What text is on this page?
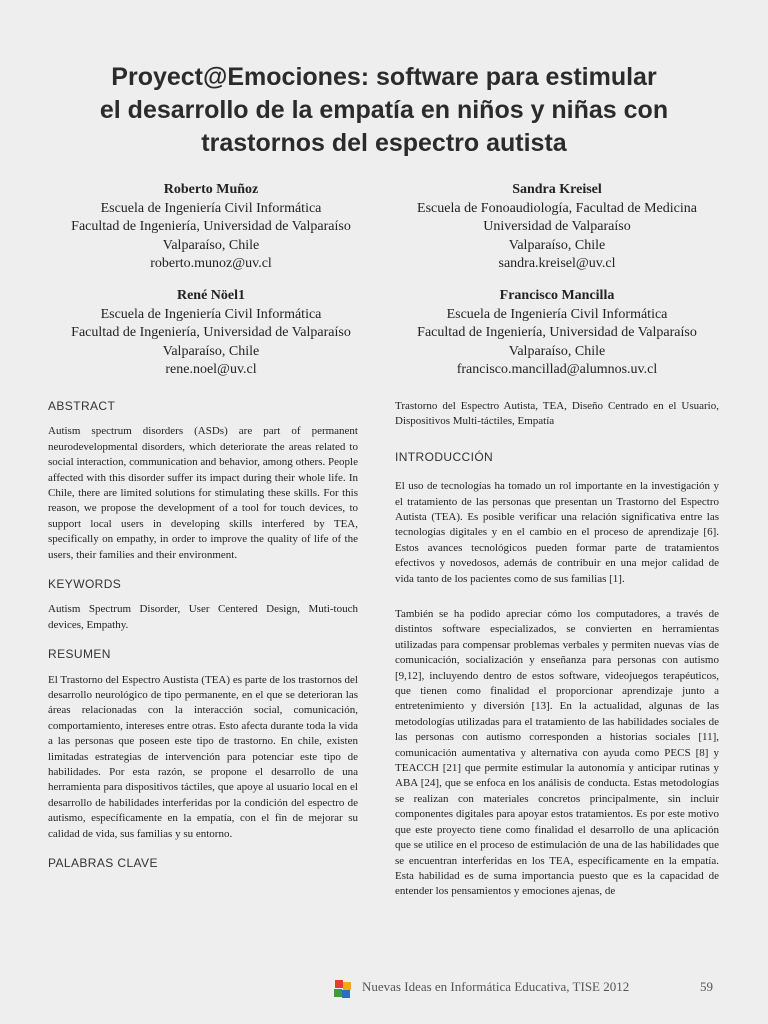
Proyect@Emociones: software para estimular
el desarrollo de la empatía en niños y niñas con
trastornos del espectro autista
Roberto Muñoz
Escuela de Ingeniería Civil Informática
Facultad de Ingeniería, Universidad de Valparaíso
Valparaíso, Chile
roberto.munoz@uv.cl
Sandra Kreisel
Escuela de Fonoaudiología, Facultad de Medicina
Universidad de Valparaíso
Valparaíso, Chile
sandra.kreisel@uv.cl
René Nöel1
Escuela de Ingeniería Civil Informática
Facultad de Ingeniería, Universidad de Valparaíso
Valparaíso, Chile
rene.noel@uv.cl
Francisco Mancilla
Escuela de Ingeniería Civil Informática
Facultad de Ingeniería, Universidad de Valparaíso
Valparaíso, Chile
francisco.mancillad@alumnos.uv.cl
ABSTRACT

Autism spectrum disorders (ASDs) are part of permanent neurodevelopmental disorders, which deteriorate the areas related to social interaction, communication and behavior, among others. People affected with this disorder suffer its impact during their whole life. In Chile, there are limited solutions for stimulating these skills. For this reason, we propose the development of a tool for touch devices, to support local users in developing skills interfered by TEA, specifically on empathy, in order to improve the quality of life of the users, their families and their environment.

KEYWORDS

Autism Spectrum Disorder, User Centered Design, Muti-touch devices, Empathy.

RESUMEN

El Trastorno del Espectro Austista (TEA) es parte de los trastornos del desarrollo neurológico de tipo permanente, en el que se deterioran las áreas relacionadas con la interacción social, comunicación, comportamiento, intereses entre otras. Esto afecta durante toda la vida a las personas que poseen este tipo de trastorno. En chile, existen limitadas estrategias de intervención para potenciar este tipo de habilidades. Por esta razón, se propone el desarrollo de una herramienta para dispositivos táctiles, que apoye al usuario local en el desarrollo de habilidades interferidas por la condición del espectro de autismo, específicamente en la empatía, con el fin de mejorar su calidad de vida, sus familias y su entorno.

PALABRAS CLAVE

Trastorno del Espectro Autista, TEA, Diseño Centrado en el Usuario, Dispositivos Multi-táctiles, Empatía

INTRODUCCIÓN

El uso de tecnologías ha tomado un rol importante en la investigación y el tratamiento de las personas que presentan un Trastorno del Espectro Autista (TEA). Es posible verificar una relación significativa entre las tecnologías digitales y en el cambio en el proceso de aprendizaje [6]. Estos avances tecnológicos pueden formar parte de tratamientos efectivos y novedosos, además de contribuir en una mejor calidad de vida tanto de los pacientes como de sus familias [1].

También se ha podido apreciar cómo los computadores, a través de distintos software especializados, se convierten en herramientas utilizadas para compensar problemas verbales y permiten nuevas vías de comunicación, socialización y enseñanza para personas con autismo [9,12], incluyendo dentro de estos software, videojuegos terapéuticos, que tienen como finalidad el proporcionar aprendizaje junto a entretenimiento y diversión [13]. En la actualidad, algunas de las metodologías utilizadas para el tratamiento de las habilidades sociales de las personas con autismo corresponden a historias sociales [11], comunicación aumentativa y alternativa con ayuda como PECS [8] y TEACCH [21] que permite estimular la autonomía y anticipar rutinas y ABA [24], que se enfoca en los análisis de conducta. Estas metodologías se realizan con materiales concretos principalmente, sin incluir componentes digitales para apoyar estos tratamientos. Es por este motivo que este proyecto tiene como finalidad el desarrollo de una aplicación que se utilice en el proceso de estimulación de una de las habilidades que se encuentran interferidas en los TEA, específicamente en la empatía. Esta habilidad es de suma importancia puesto que es la capacidad de entender los pensamientos y emociones ajenas, de

Nuevas Ideas en Informática Educativa, TISE 2012	59
